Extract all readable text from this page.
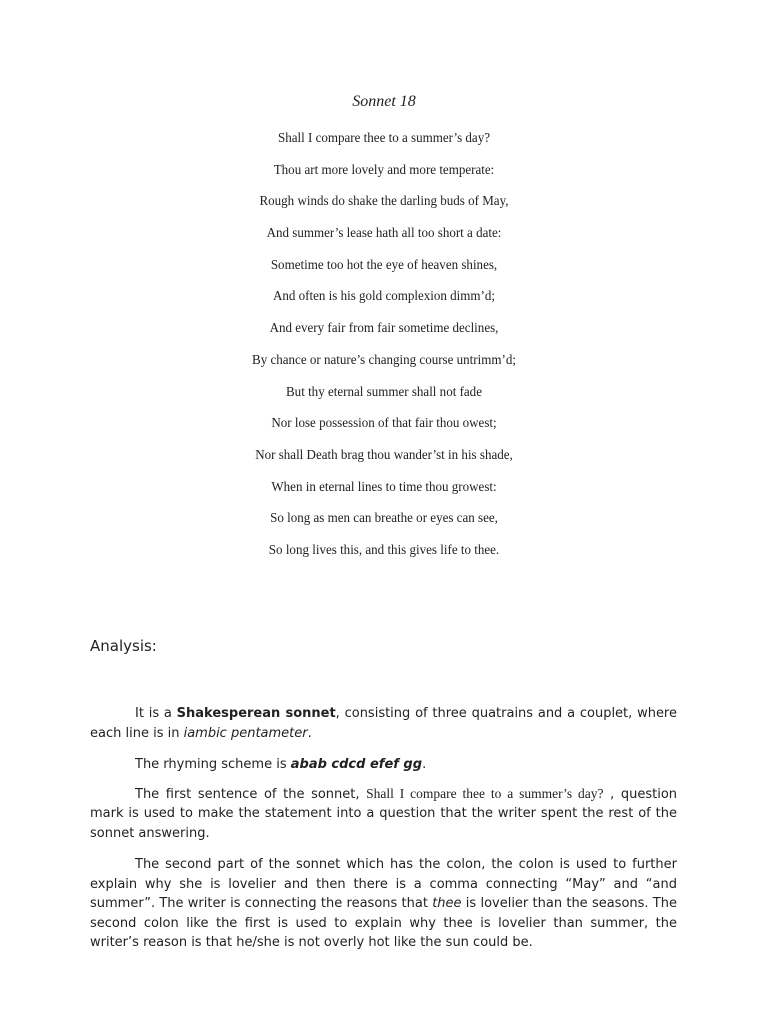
Sonnet 18
Shall I compare thee to a summer’s day?
Thou art more lovely and more temperate:
Rough winds do shake the darling buds of May,
And summer’s lease hath all too short a date:
Sometime too hot the eye of heaven shines,
And often is his gold complexion dimm’d;
And every fair from fair sometime declines,
By chance or nature’s changing course untrimm’d;
But thy eternal summer shall not fade
Nor lose possession of that fair thou owest;
Nor shall Death brag thou wander’st in his shade,
When in eternal lines to time thou growest:
So long as men can breathe or eyes can see,
So long lives this, and this gives life to thee.
Analysis:

It is a Shakesperean sonnet, consisting of three quatrains and a couplet, where each line is in iambic pentameter.

The rhyming scheme is abab cdcd efef gg.

The first sentence of the sonnet, Shall I compare thee to a summer’s day? , question mark is used to make the statement into a question that the writer spent the rest of the sonnet answering.

The second part of the sonnet which has the colon, the colon is used to further explain why she is lovelier and then there is a comma connecting “May” and “and summer”. The writer is connecting the reasons that thee is lovelier than the seasons. The second colon like the first is used to explain why thee is lovelier than summer, the writer’s reason is that he/she is not overly hot like the sun could be.
